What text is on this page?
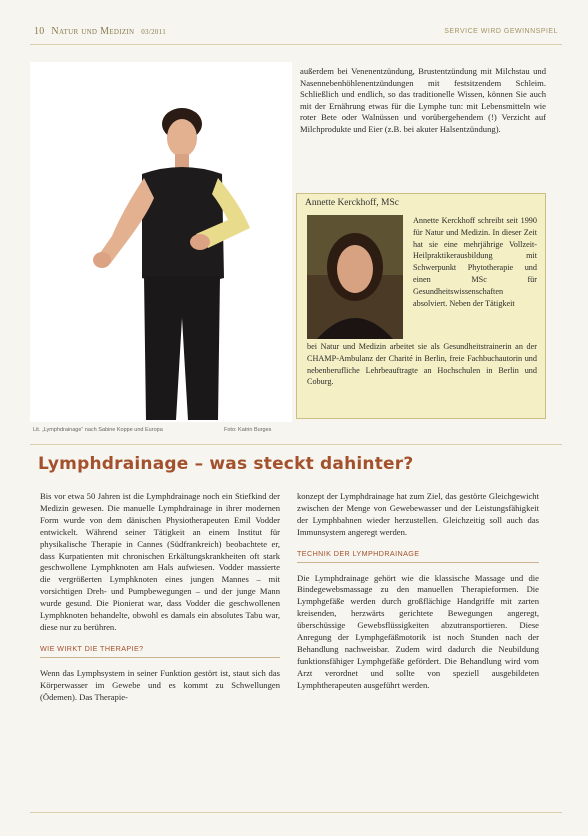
10 Natur und Medizin 03/2011	SERVICE WIRD GEWINNSPIEL
Lit. „Lymphdrainage“ nach Sabine Koppe und Europa	Foto: Katrin Burges
außerdem bei Venenentzündung, Brustentzündung mit Milchstau und Nasennebenhöhlenentzündungen mit festsitzendem Schleim. Schließlich und endlich, so das traditionelle Wissen, können Sie auch mit der Ernährung etwas für die Lymphe tun: mit Lebensmitteln wie roter Bete oder Walnüssen und vorübergehendem (!) Verzicht auf Milchprodukte und Eier (z.B. bei akuter Halsentzündung).
Annette Kerckhoff, MSc
Annette Kerckhoff schreibt seit 1990 für Natur und Medizin. In dieser Zeit hat sie eine mehrjährige Vollzeit-Heilpraktikerausbildung mit Schwerpunkt Phytotherapie und einen MSc für Gesundheitswissenschaften absolviert. Neben der Tätigkeit
bei Natur und Medizin arbeitet sie als Gesundheitstrainerin an der CHAMP-Ambulanz der Charité in Berlin, freie Fachbuchautorin und nebenberufliche Lehrbeauftragte an Hochschulen in Berlin und Coburg.
Lymphdrainage – was steckt dahinter?

Bis vor etwa 50 Jahren ist die Lymphdrainage noch ein Stiefkind der Medizin gewesen. Die manuelle Lymphdrainage in ihrer modernen Form wurde von dem dänischen Physiotherapeuten Emil Vodder entwickelt. Während seiner Tätigkeit an einem Institut für physikalische Therapie in Cannes (Südfrankreich) beobachtete er, dass Kurpatienten mit chronischen Erkältungskrankheiten oft stark geschwollene Lymphknoten am Hals aufwiesen. Vodder massierte die vergrößerten Lymphknoten eines jungen Mannes – mit vorsichtigen Dreh- und Pumpbewegungen – und der junge Mann wurde gesund. Die Pionierat war, dass Vodder die geschwollenen Lymphknoten behandelte, obwohl es damals ein absolutes Tabu war, diese nur zu berühren.

WIE WIRKT DIE THERAPIE?

Wenn das Lymphsystem in seiner Funktion gestört ist, staut sich das Körperwasser im Gewebe und es kommt zu Schwellungen (Ödemen). Das Therapie-

konzept der Lymphdrainage hat zum Ziel, das gestörte Gleichgewicht zwischen der Menge von Gewebewasser und der Leistungsfähigkeit der Lymphbahnen wieder herzustellen. Gleichzeitig soll auch das Immunsystem angeregt werden.

TECHNIK DER LYMPHDRAINAGE

Die Lymphdrainage gehört wie die klassische Massage und die Bindegewebsmassage zu den manuellen Therapieformen. Die Lymphgefäße werden durch großflächige Handgriffe mit zarten kreisenden, herzwärts gerichtete Bewegungen angeregt, überschüssige Gewebsflüssigkeiten abzutransportieren. Diese Anregung der Lymphgefäßmotorik ist noch Stunden nach der Behandlung nachweisbar. Zudem wird dadurch die Neubildung funktionsfähiger Lymphgefäße gefördert. Die Behandlung wird vom Arzt verordnet und sollte von speziell ausgebildeten Lymphtherapeuten ausgeführt werden.
